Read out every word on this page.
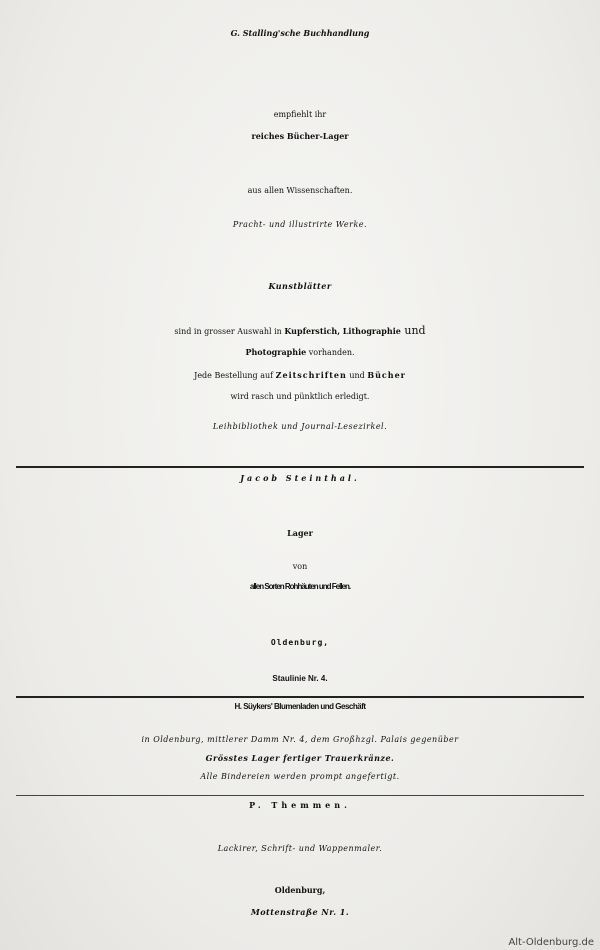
G. Stalling'sche Buchhandlung
empfiehlt ihr
reiches Bücher-Lager
aus allen Wissenschaften.
Pracht- und illustrirte Werke.
Kunstblätter
sind in grosser Auswahl in Kupferstich, Lithographie und
Photographie vorhanden.
Jede Bestellung auf Zeitschriften und Bücher
wird rasch und pünktlich erledigt.
Leihbibliothek und Journal-Lesezirkel.
Jacob Steinthal.
Lager
von
allen Sorten Rohhäuten und Fellen.
Oldenburg,
Staulinie Nr. 4.
H. Süykers' Blumenladen und Geschäft
in Oldenburg, mittlerer Damm Nr. 4, dem Großhzgl. Palais gegenüber
Grösstes Lager fertiger Trauerkränze.
Alle Bindereien werden prompt angefertigt.
P. Themmen.
Lackirer, Schrift- und Wappenmaler.
Oldenburg,
Mottenstraße Nr. 1.
Alt-Oldenburg.de
